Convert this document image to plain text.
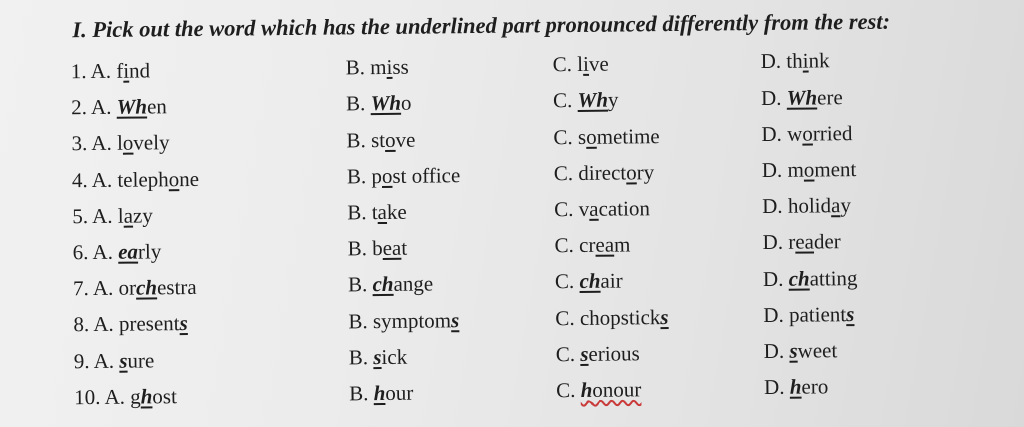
I. Pick out the word which has the underlined part pronounced differently from the rest:
1. A. find	B. miss	C. live	D. think
2. A. When	B. Who	C. Why	D. Where
3. A. lovely	B. stove	C. sometime	D. worried
4. A. telephone	B. post office	C. directory	D. moment
5. A. lazy	B. take	C. vacation	D. holiday
6. A. early	B. beat	C. cream	D. reader
7. A. orchestra	B. change	C. chair	D. chatting
8. A. presents	B. symptoms	C. chopsticks	D. patients
9. A. sure	B. sick	C. serious	D. sweet
10. A. ghost	B. hour	C. honour	D. hero
